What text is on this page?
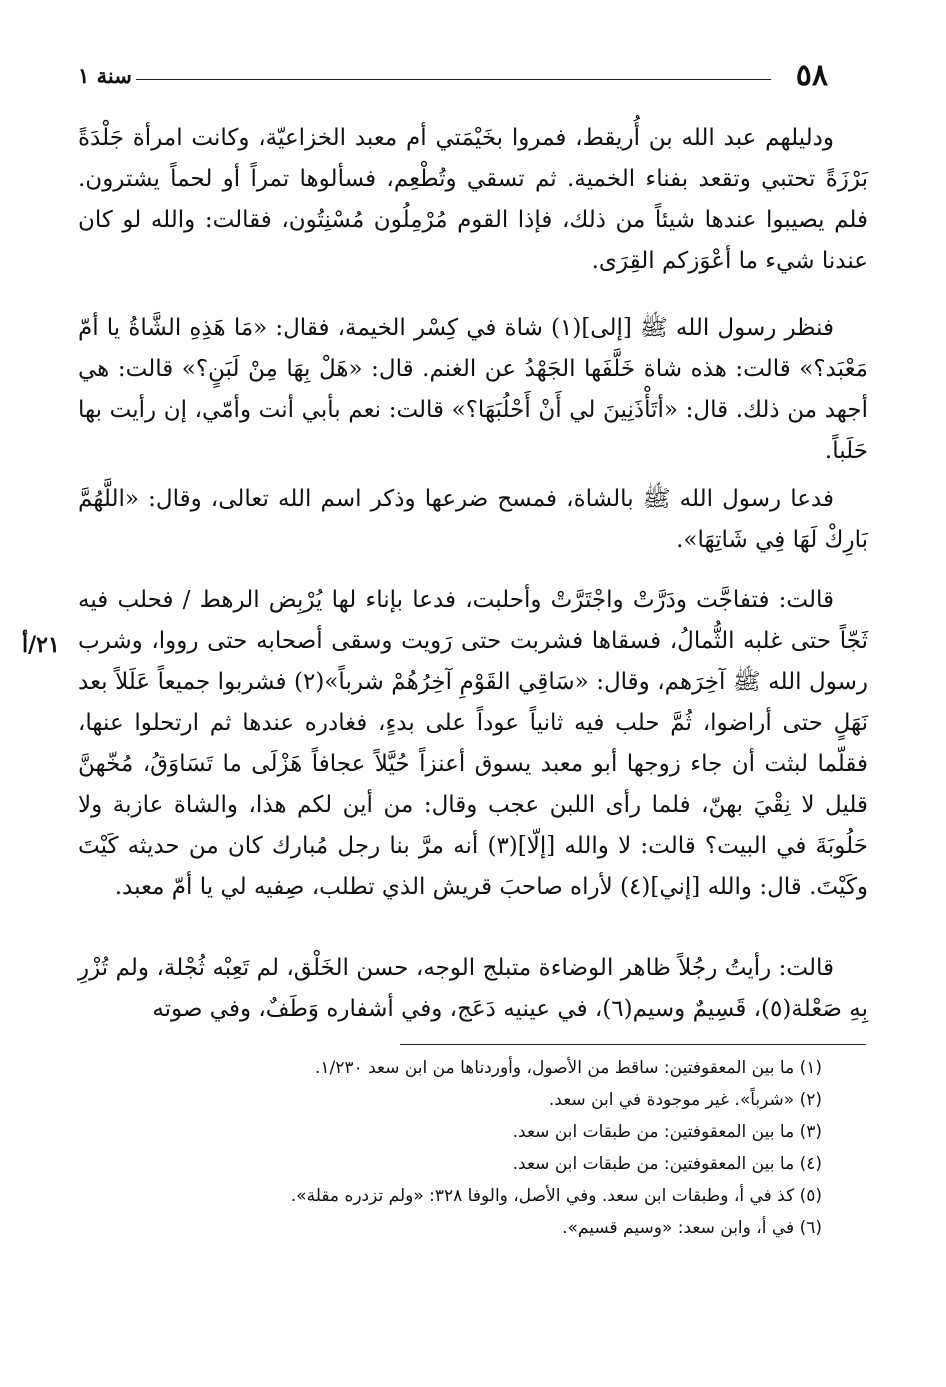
٥٨
سنة ١

ودليلهم عبد الله بن أُريقط، فمروا بخَيْمَتي أم معبد الخزاعيّة، وكانت امرأة جَلْدَةً بَرْزَةً تحتبي وتقعد بفناء الخمية. ثم تسقي وتُطْعِم، فسألوها تمراً أو لحماً يشترون. فلم يصيبوا عندها شيئاً من ذلك، فإذا القوم مُرْمِلُون مُسْنِتُون، فقالت: والله لو كان عندنا شيء ما أعْوَزكم القِرَى.

فنظر رسول الله ﷺ [إلى](١) شاة في كِسْر الخيمة، فقال: «مَا هَذِهِ الشَّاةُ يا أمّ مَعْبَد؟» قالت: هذه شاة خَلَّفَها الجَهْدُ عن الغنم. قال: «هَلْ بِهَا مِنْ لَبَنٍ؟» قالت: هي أجهد من ذلك. قال: «أتَأْذَنِينَ لي أَنْ أَحْلُبَهَا؟» قالت: نعم بأبي أنت وأمّي، إن رأيت بها حَلَباً.

فدعا رسول الله ﷺ بالشاة، فمسح ضرعها وذكر اسم الله تعالى، وقال: «اللَّهُمَّ بَارِكْ لَهَا فِي شَاتِهَا».

قالت: فتفاجَّت ودَرَّتْ واجْتَرَّتْ وأحلبت، فدعا بإناء لها يُرْبِض الرهط / فحلب فيه ثَجّاً حتى غلبه الثُّمالُ، فسقاها فشربت حتى رَويت وسقى أصحابه حتى رووا، وشرب رسول الله ﷺ آخِرَهم، وقال: «سَاقِي القَوْمِ آخِرُهُمْ شرباً»(٢) فشربوا جميعاً عَلَلاً بعد نَهَلٍ حتى أراضوا، ثُمَّ حلب فيه ثانياً عوداً على بدءٍ، فغادره عندها ثم ارتحلوا عنها، فقلّما لبثت أن جاء زوجها أبو معبد يسوق أعنزاً حُيَّلاً عجافاً هَزْلَى ما تَسَاوَقُ، مُخّهنَّ قليل لا نِقْيَ بهنّ، فلما رأى اللبن عجب وقال: من أين لكم هذا، والشاة عازبة ولا حَلُوبَةَ في البيت؟ قالت: لا والله [إلّا](٣) أنه مرَّ بنا رجل مُبارك كان من حديثه كَيْتَ وكَيْتَ. قال: والله [إني](٤) لأراه صاحبَ قريش الذي تطلب، صِفيه لي يا أمّ معبد.

قالت: رأيتُ رجُلاً ظاهر الوضاءة متبلج الوجه، حسن الخَلْق، لم تَعِبْه ثُجْلة، ولم تُزْرِ بِهِ صَعْلة(٥)، قَسِيمٌ وسيم(٦)، في عينيه دَعَج، وفي أشفاره وَطَفٌ، وفي صوته

٢١/أ

(١) ما بين المعقوفتين: ساقط من الأصول، وأوردناها من ابن سعد ١/٢٣٠.

(٢) «شرباً». غير موجودة في ابن سعد.

(٣) ما بين المعقوفتين: من طبقات ابن سعد.

(٤) ما بين المعقوفتين: من طبقات ابن سعد.

(٥) كذ في أ، وطبقات ابن سعد. وفي الأصل، والوفا ٣٢٨: «ولم تزدره مقلة».

(٦) في أ، وابن سعد: «وسيم قسيم».
